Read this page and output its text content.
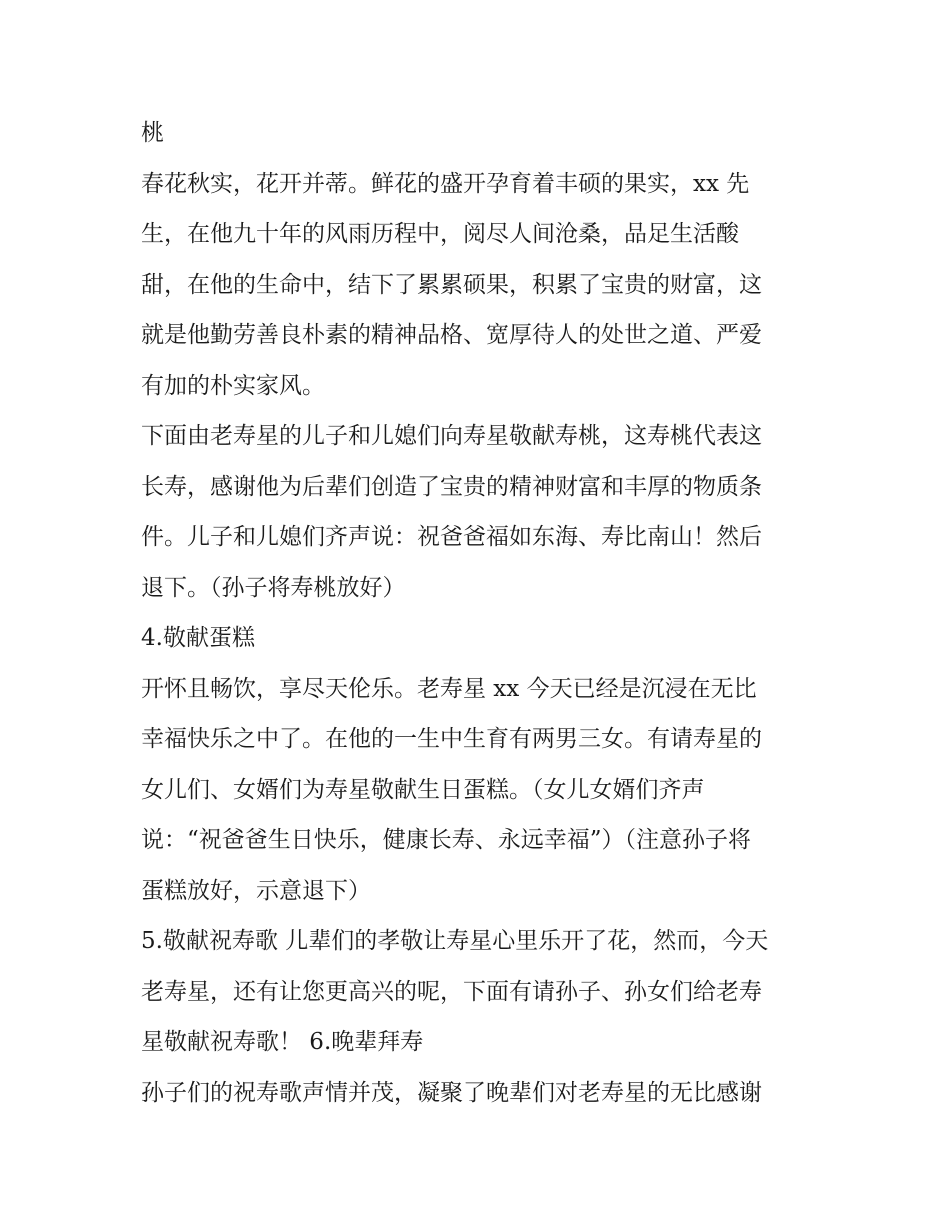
桃
春花秋实，花开并蒂。鲜花的盛开孕育着丰硕的果实，xx 先
生，在他九十年的风雨历程中，阅尽人间沧桑，品足生活酸
甜，在他的生命中，结下了累累硕果，积累了宝贵的财富，这
就是他勤劳善良朴素的精神品格、宽厚待人的处世之道、严爱
有加的朴实家风。
下面由老寿星的儿子和儿媳们向寿星敬献寿桃，这寿桃代表这
长寿，感谢他为后辈们创造了宝贵的精神财富和丰厚的物质条
件。儿子和儿媳们齐声说：祝爸爸福如东海、寿比南山！然后
退下。（孙子将寿桃放好）
4.敬献蛋糕
开怀且畅饮，享尽天伦乐。老寿星 xx 今天已经是沉浸在无比
幸福快乐之中了。在他的一生中生育有两男三女。有请寿星的
女儿们、女婿们为寿星敬献生日蛋糕。（女儿女婿们齐声
说：“祝爸爸生日快乐，健康长寿、永远幸福”）（注意孙子将
蛋糕放好，示意退下）
5.敬献祝寿歌 儿辈们的孝敬让寿星心里乐开了花，然而，今天
老寿星，还有让您更高兴的呢，下面有请孙子、孙女们给老寿
星敬献祝寿歌！ 6.晚辈拜寿
孙子们的祝寿歌声情并茂，凝聚了晚辈们对老寿星的无比感谢
